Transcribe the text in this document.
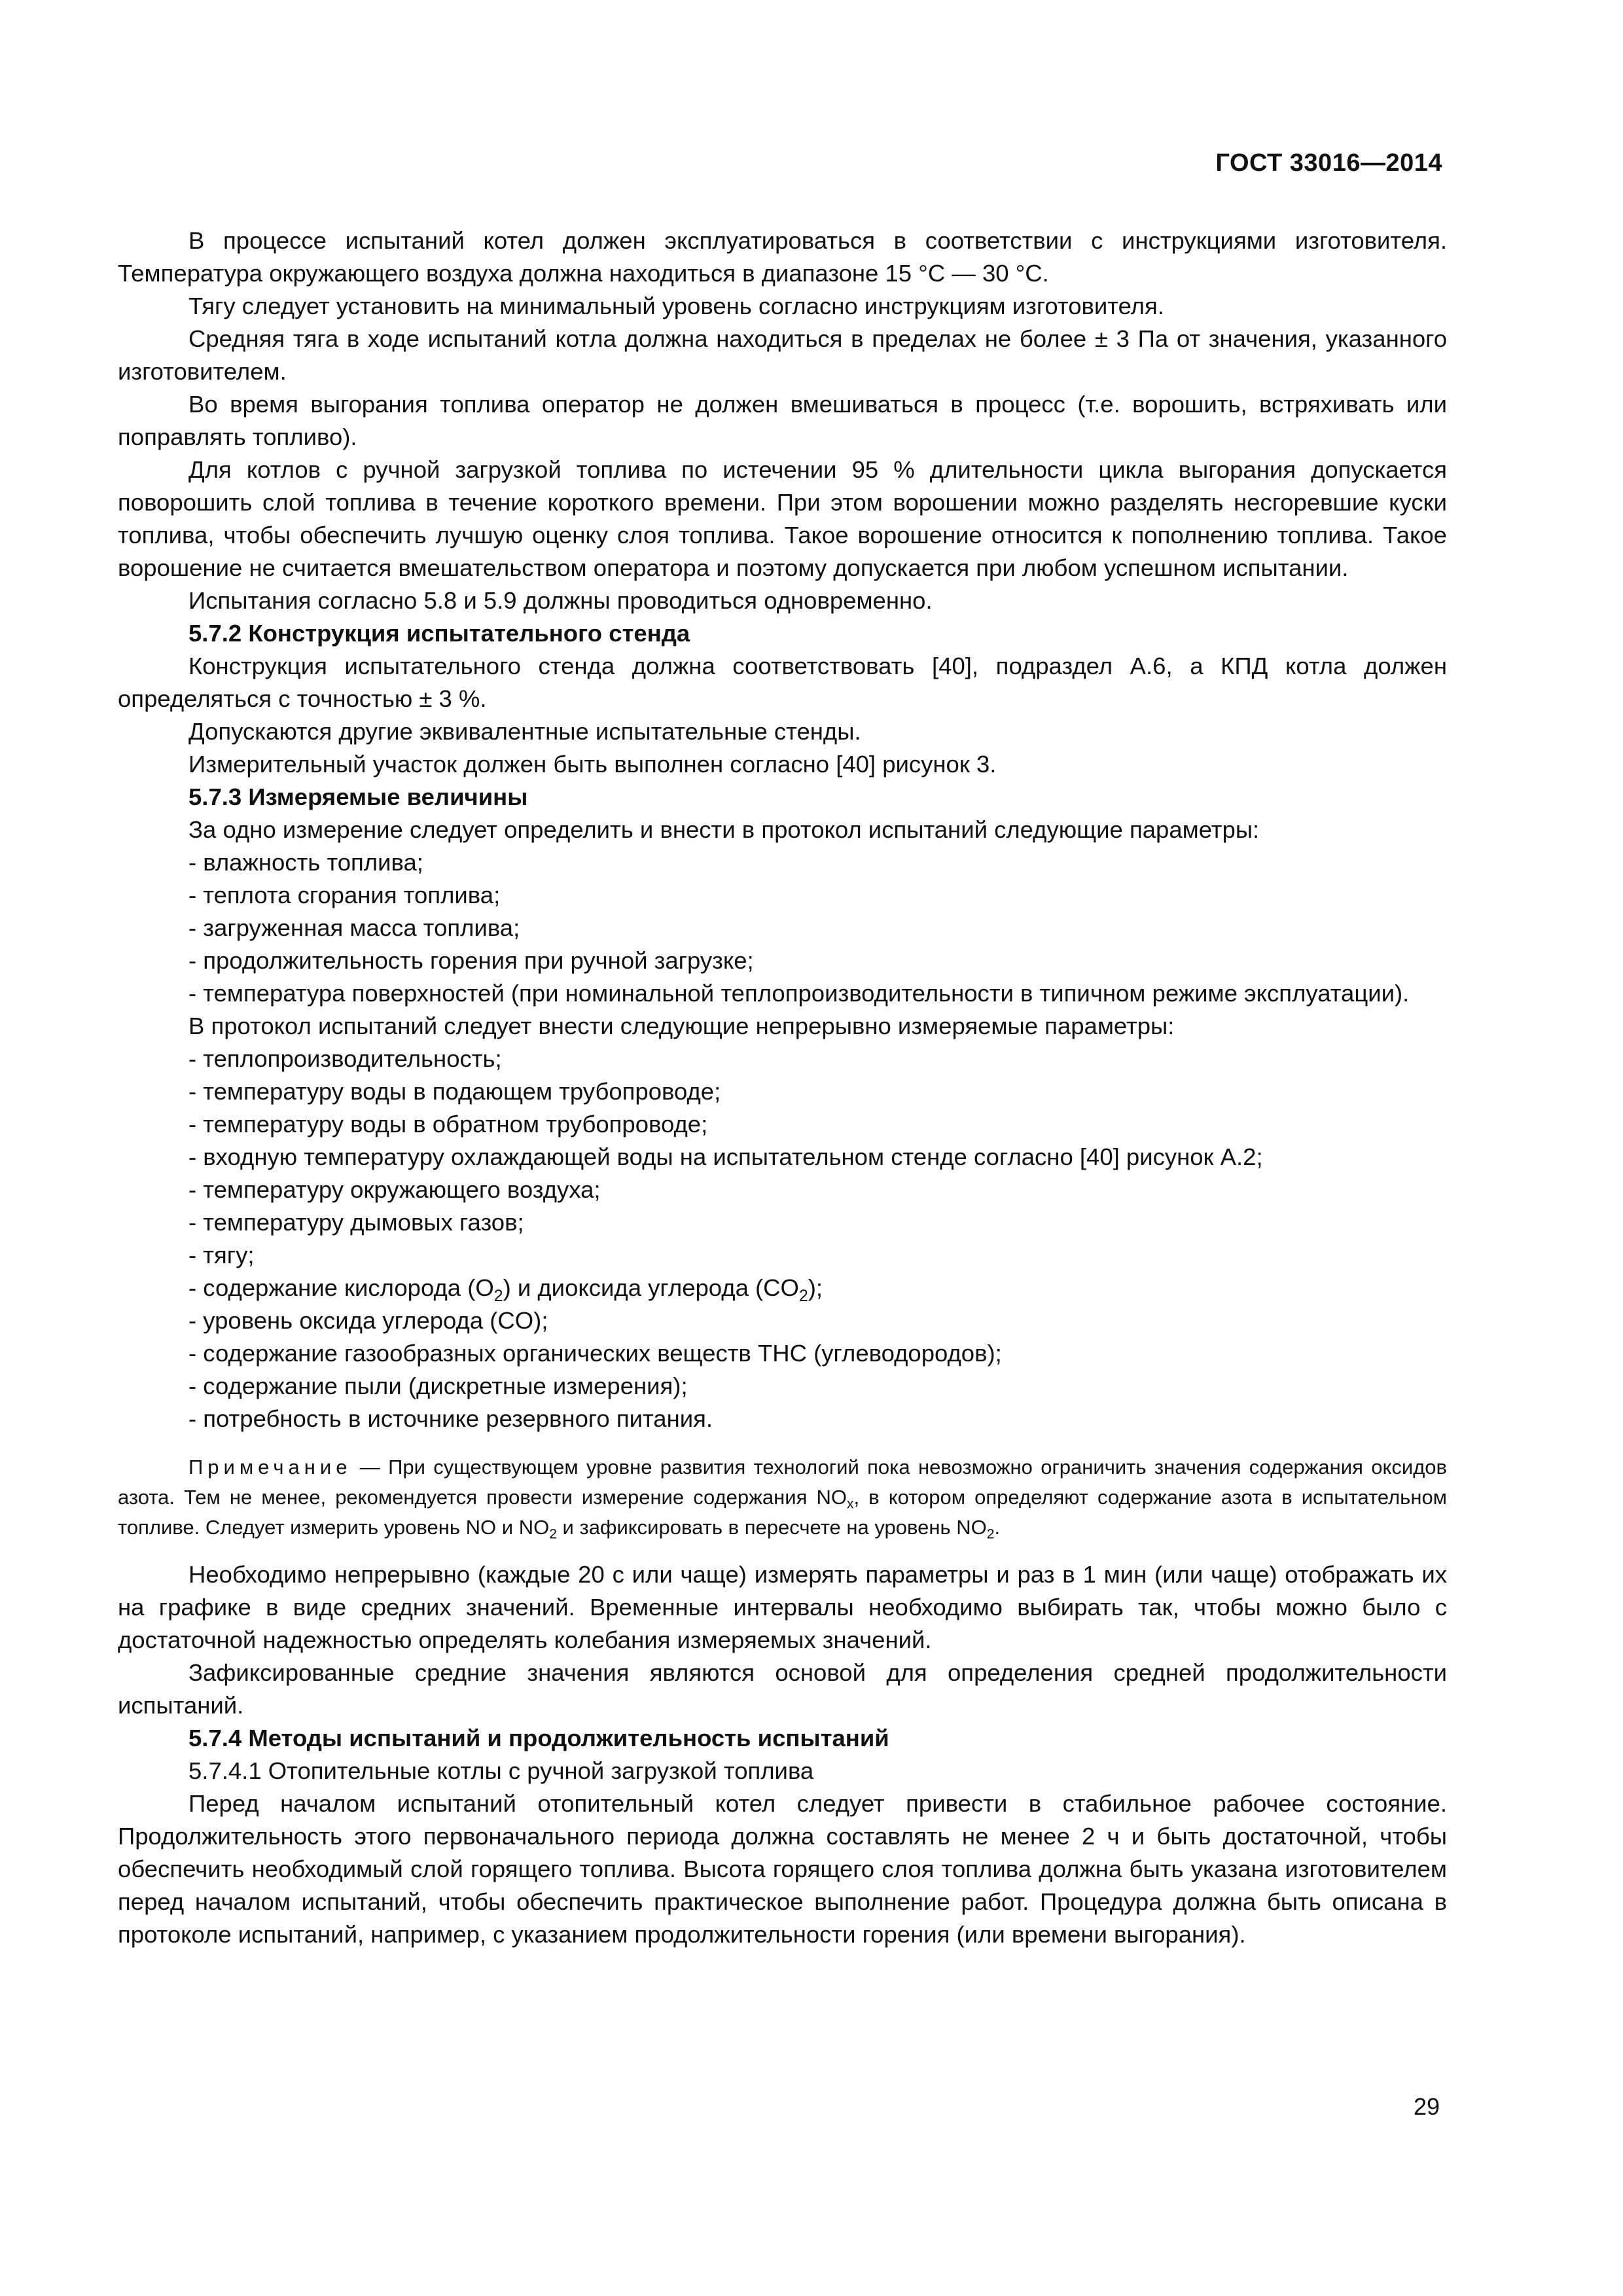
ГОСТ 33016—2014

В процессе испытаний котел должен эксплуатироваться в соответствии с инструкциями изготовителя. Температура окружающего воздуха должна находиться в диапазоне 15 °С — 30 °С.

Тягу следует установить на минимальный уровень согласно инструкциям изготовителя.

Средняя тяга в ходе испытаний котла должна находиться в пределах не более ± 3 Па от значения, указанного изготовителем.

Во время выгорания топлива оператор не должен вмешиваться в процесс (т.е. ворошить, встряхивать или поправлять топливо).

Для котлов с ручной загрузкой топлива по истечении 95 % длительности цикла выгорания допускается поворошить слой топлива в течение короткого времени. При этом ворошении можно разделять несгоревшие куски топлива, чтобы обеспечить лучшую оценку слоя топлива. Такое ворошение относится к пополнению топлива. Такое ворошение не считается вмешательством оператора и поэтому допускается при любом успешном испытании.

Испытания согласно 5.8 и 5.9 должны проводиться одновременно.

5.7.2 Конструкция испытательного стенда

Конструкция испытательного стенда должна соответствовать [40], подраздел А.6, а КПД котла должен определяться с точностью ± 3 %.

Допускаются другие эквивалентные испытательные стенды.

Измерительный участок должен быть выполнен согласно [40] рисунок 3.

5.7.3 Измеряемые величины

За одно измерение следует определить и внести в протокол испытаний следующие параметры:

- влажность топлива;

- теплота сгорания топлива;

- загруженная масса топлива;

- продолжительность горения при ручной загрузке;

- температура поверхностей (при номинальной теплопроизводительности в типичном режиме эксплуатации).

В протокол испытаний следует внести следующие непрерывно измеряемые параметры:

- теплопроизводительность;

- температуру воды в подающем трубопроводе;

- температуру воды в обратном трубопроводе;

- входную температуру охлаждающей воды на испытательном стенде согласно [40] рисунок А.2;

- температуру окружающего воздуха;

- температуру дымовых газов;

- тягу;

- содержание кислорода $(O_2)$ и диоксида углерода $(CO_2)$;

- уровень оксида углерода (CO);

- содержание газообразных органических веществ ТНС (углеводородов);

- содержание пыли (дискретные измерения);

- потребность в источнике резервного питания.

Примечание — При существующем уровне развития технологий пока невозможно ограничить значения содержания оксидов азота. Тем не менее, рекомендуется провести измерение содержания $NO_x$, в котором определяют содержание азота в испытательном топливе. Следует измерить уровень NO и $NO_2$ и зафиксировать в пересчете на уровень $NO_2$.

Необходимо непрерывно (каждые 20 с или чаще) измерять параметры и раз в 1 мин (или чаще) отображать их на графике в виде средних значений. Временные интервалы необходимо выбирать так, чтобы можно было с достаточной надежностью определять колебания измеряемых значений.

Зафиксированные средние значения являются основой для определения средней продолжительности испытаний.

5.7.4 Методы испытаний и продолжительность испытаний

5.7.4.1 Отопительные котлы с ручной загрузкой топлива

Перед началом испытаний отопительный котел следует привести в стабильное рабочее состояние. Продолжительность этого первоначального периода должна составлять не менее 2 ч и быть достаточной, чтобы обеспечить необходимый слой горящего топлива. Высота горящего слоя топлива должна быть указана изготовителем перед началом испытаний, чтобы обеспечить практическое выполнение работ. Процедура должна быть описана в протоколе испытаний, например, с указанием продолжительности горения (или времени выгорания).

29
